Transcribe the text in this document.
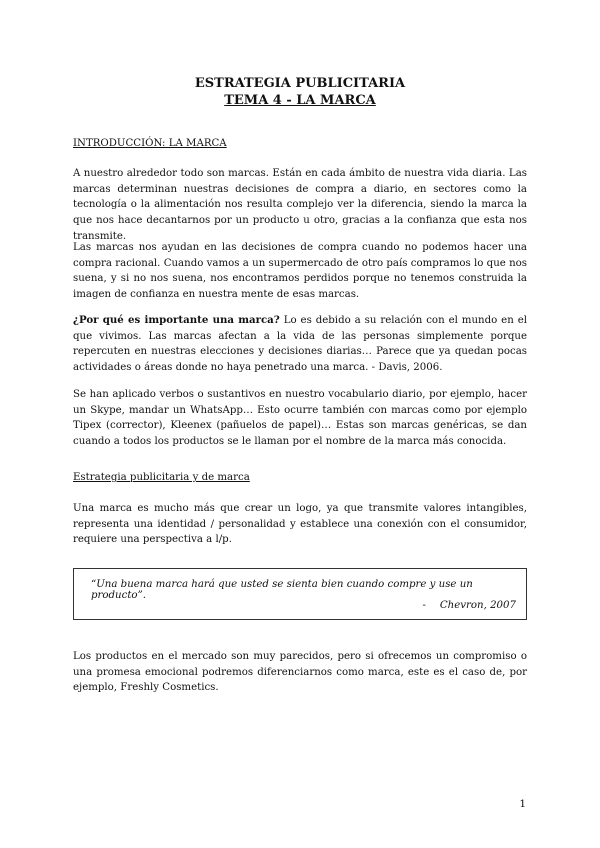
ESTRATEGIA PUBLICITARIA
TEMA 4 - LA MARCA
INTRODUCCIÓN: LA MARCA

A nuestro alrededor todo son marcas. Están en cada ámbito de nuestra vida diaria. Las marcas determinan nuestras decisiones de compra a diario, en sectores como la tecnología o la alimentación nos resulta complejo ver la diferencia, siendo la marca la que nos hace decantarnos por un producto u otro, gracias a la confianza que esta nos transmite.

Las marcas nos ayudan en las decisiones de compra cuando no podemos hacer una compra racional. Cuando vamos a un supermercado de otro país compramos lo que nos suena, y si no nos suena, nos encontramos perdidos porque no tenemos construida la imagen de confianza en nuestra mente de esas marcas.

¿Por qué es importante una marca? Lo es debido a su relación con el mundo en el que vivimos. Las marcas afectan a la vida de las personas simplemente porque repercuten en nuestras elecciones y decisiones diarias… Parece que ya quedan pocas actividades o áreas donde no haya penetrado una marca. - Davis, 2006.

Se han aplicado verbos o sustantivos en nuestro vocabulario diario, por ejemplo, hacer un Skype, mandar un WhatsApp… Esto ocurre también con marcas como por ejemplo Tipex (corrector), Kleenex (pañuelos de papel)… Estas son marcas genéricas, se dan cuando a todos los productos se le llaman por el nombre de la marca más conocida.

Estrategia publicitaria y de marca

Una marca es mucho más que crear un logo, ya que transmite valores intangibles, representa una identidad / personalidad y establece una conexión con el consumidor, requiere una perspectiva a l/p.

“Una buena marca hará que usted se sienta bien cuando compre y use un producto”.
- Chevron, 2007

Los productos en el mercado son muy parecidos, pero si ofrecemos un compromiso o una promesa emocional podremos diferenciarnos como marca, este es el caso de, por ejemplo, Freshly Cosmetics.

1
